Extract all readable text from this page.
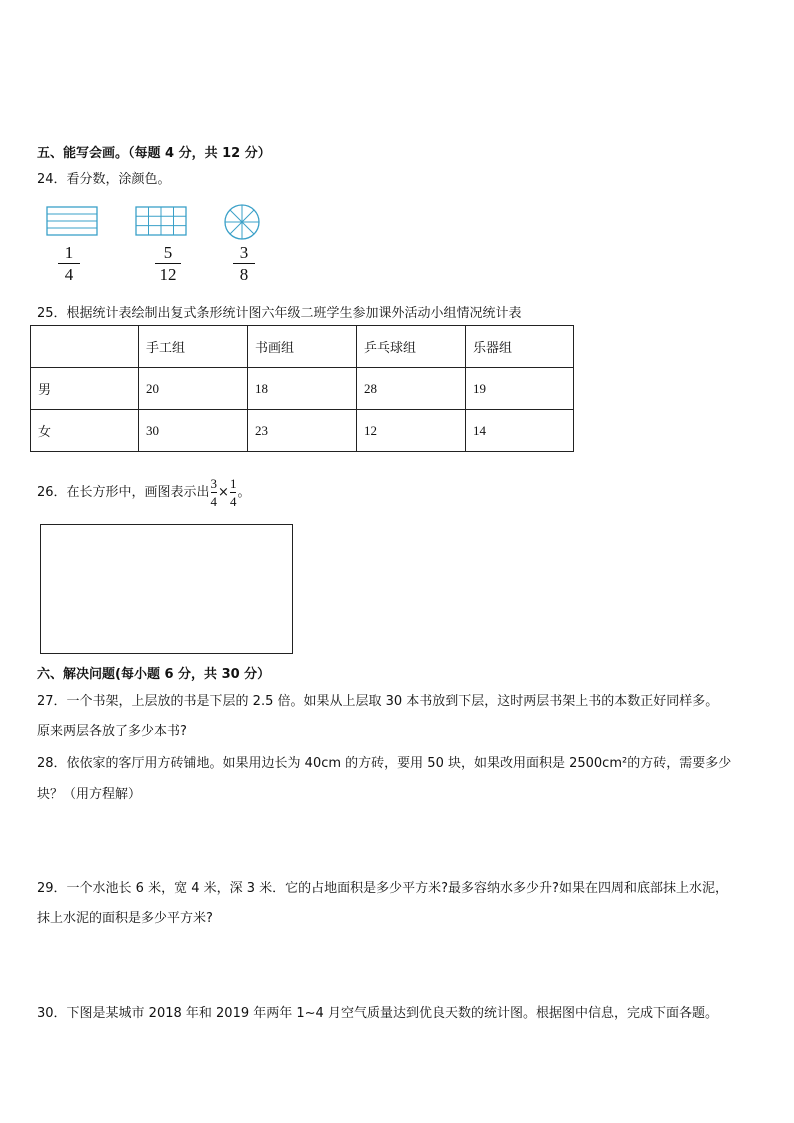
五、能写会画。（每题 4 分，共 12 分）
24．看分数，涂颜色。
1
4
5
12
3
8
25．根据统计表绘制出复式条形统计图六年级二班学生参加课外活动小组情况统计表
	手工组	书画组	乒乓球组	乐器组
男	20	18	28	19
女	30	23	12	14
26．在长方形中，画图表示出 $\frac{3}{4} \times \frac{1}{4}$ 。
六、解决问题(每小题 6 分，共 30 分）
27．一个书架，上层放的书是下层的 2.5 倍。如果从上层取 30 本书放到下层，这时两层书架上书的本数正好同样多。
原来两层各放了多少本书?
28．依依家的客厅用方砖铺地。如果用边长为 40cm 的方砖，要用 50 块，如果改用面积是 2500cm²的方砖，需要多少
块？（用方程解）
29．一个水池长 6 米，宽 4 米，深 3 米．它的占地面积是多少平方米?最多容纳水多少升?如果在四周和底部抹上水泥，
抹上水泥的面积是多少平方米?
30．下图是某城市 2018 年和 2019 年两年 1~4 月空气质量达到优良天数的统计图。根据图中信息，完成下面各题。
